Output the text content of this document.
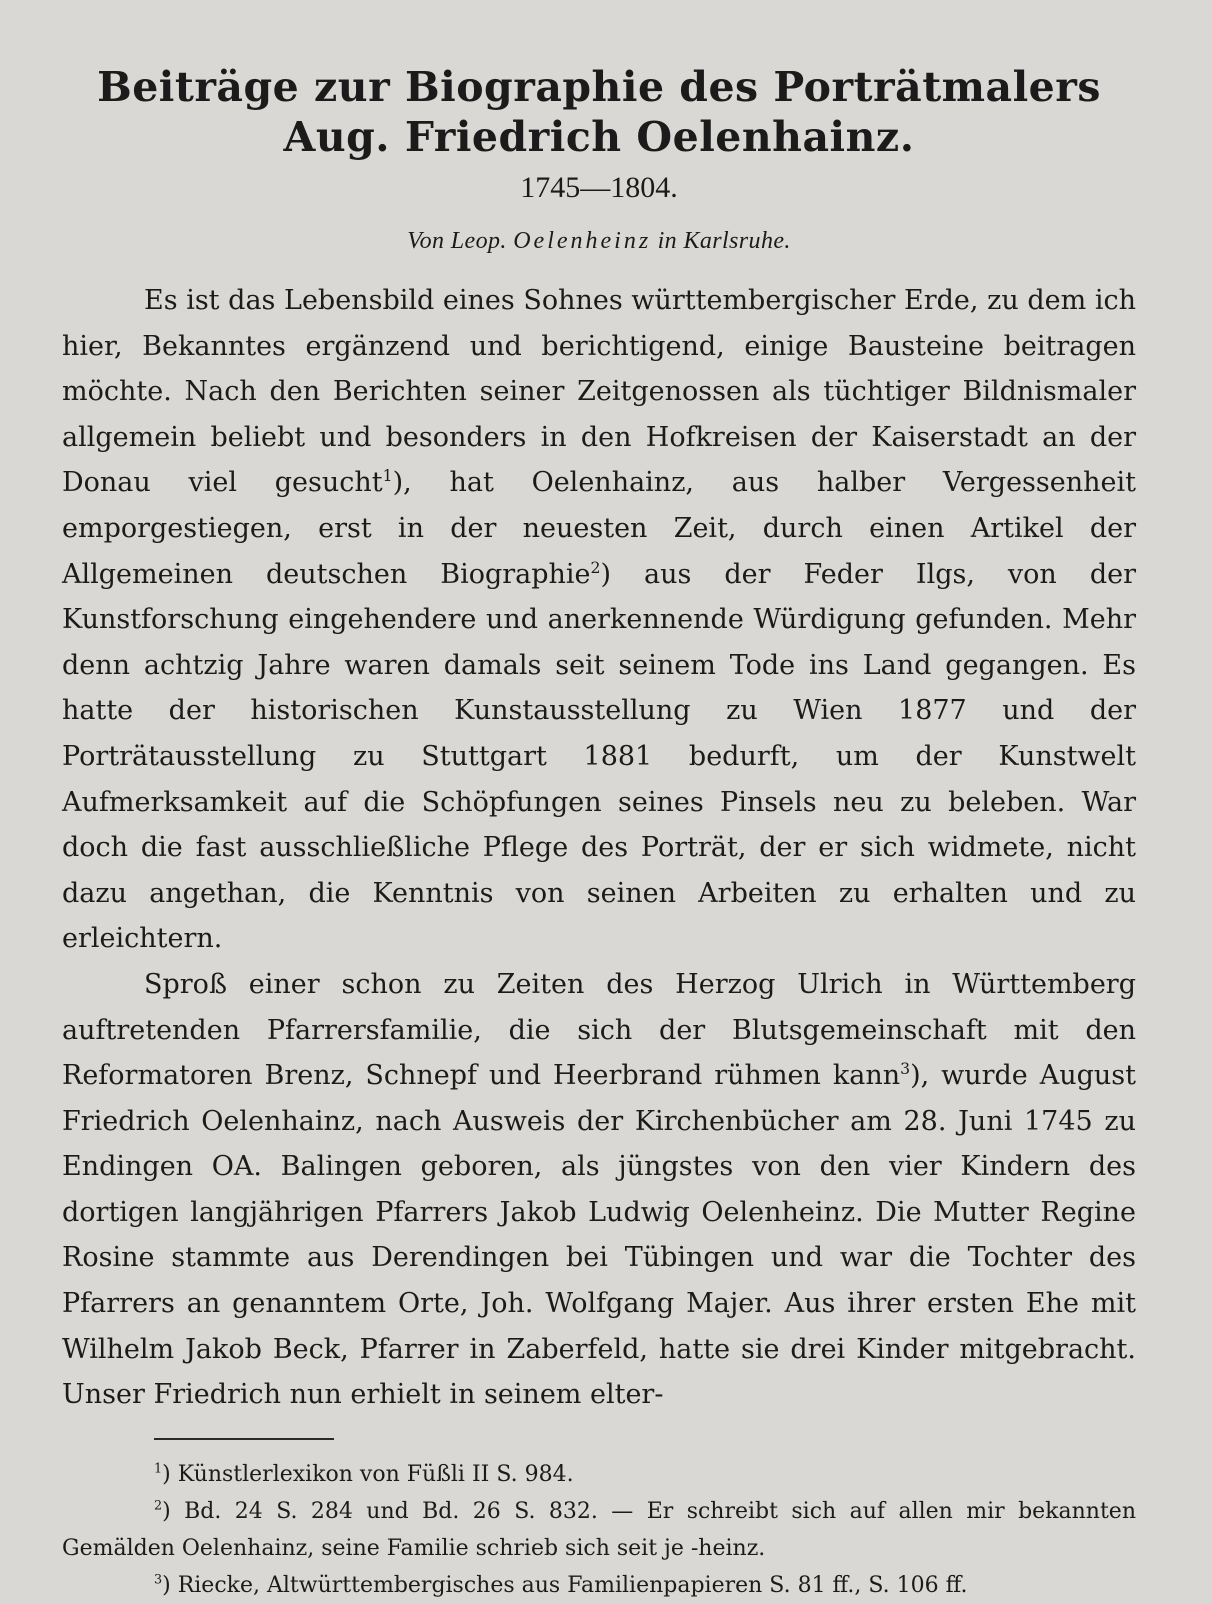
Beiträge zur Biographie des Porträtmalers
Aug. Friedrich Oelenhainz.
1745—1804.
Von Leop. Oelenheinz in Karlsruhe.

Es ist das Lebensbild eines Sohnes württembergischer Erde, zu dem ich hier, Bekanntes ergänzend und berichtigend, einige Bausteine beitragen möchte. Nach den Berichten seiner Zeitgenossen als tüchtiger Bildnismaler allgemein beliebt und besonders in den Hofkreisen der Kaiserstadt an der Donau viel gesucht$^1$), hat Oelenhainz, aus halber Vergessenheit emporgestiegen, erst in der neuesten Zeit, durch einen Artikel der Allgemeinen deutschen Biographie$^2$) aus der Feder Ilgs, von der Kunstforschung eingehendere und anerkennende Würdigung gefunden. Mehr denn achtzig Jahre waren damals seit seinem Tode ins Land gegangen. Es hatte der historischen Kunstausstellung zu Wien 1877 und der Porträtausstellung zu Stuttgart 1881 bedurft, um der Kunstwelt Aufmerksamkeit auf die Schöpfungen seines Pinsels neu zu beleben. War doch die fast ausschließliche Pflege des Porträt, der er sich widmete, nicht dazu angethan, die Kenntnis von seinen Arbeiten zu erhalten und zu erleichtern.

Sproß einer schon zu Zeiten des Herzog Ulrich in Württemberg auftretenden Pfarrersfamilie, die sich der Blutsgemeinschaft mit den Reformatoren Brenz, Schnepf und Heerbrand rühmen kann$^3$), wurde August Friedrich Oelenhainz, nach Ausweis der Kirchenbücher am 28. Juni 1745 zu Endingen OA. Balingen geboren, als jüngstes von den vier Kindern des dortigen langjährigen Pfarrers Jakob Ludwig Oelenheinz. Die Mutter Regine Rosine stammte aus Derendingen bei Tübingen und war die Tochter des Pfarrers an genanntem Orte, Joh. Wolfgang Majer. Aus ihrer ersten Ehe mit Wilhelm Jakob Beck, Pfarrer in Zaberfeld, hatte sie drei Kinder mitgebracht. Unser Friedrich nun erhielt in seinem elter-

$^1$) Künstlerlexikon von Füßli II S. 984.

$^2$) Bd. 24 S. 284 und Bd. 26 S. 832. — Er schreibt sich auf allen mir bekannten Gemälden Oelenhainz, seine Familie schrieb sich seit je -heinz.

$^3$) Riecke, Altwürttembergisches aus Familienpapieren S. 81 ff., S. 106 ff.
